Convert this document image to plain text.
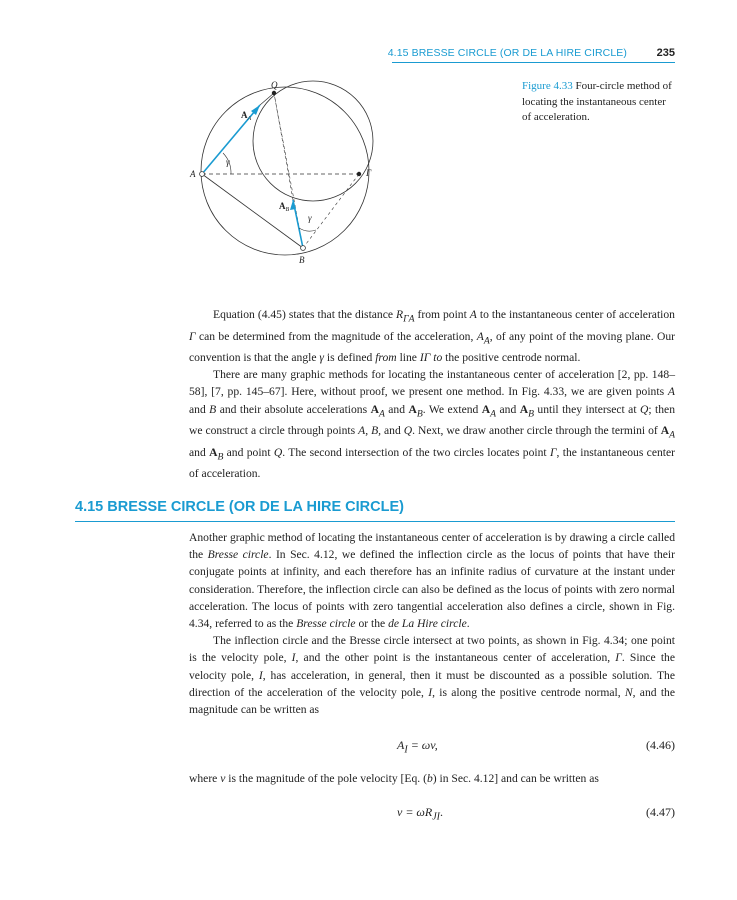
4.15 BRESSE CIRCLE (OR DE LA HIRE CIRCLE)	235
Q
A
B
Γ
$A_A$
$A_B$
γ
γ
Figure 4.33 Four-circle method of locating the instantaneous center of acceleration.

Equation (4.45) states that the distance $R_{\Gamma A}$ from point A to the instantaneous center of acceleration Γ can be determined from the magnitude of the acceleration, $A_A$, of any point of the moving plane. Our convention is that the angle γ is defined from line IΓ to the positive centrode normal.

There are many graphic methods for locating the instantaneous center of acceleration [2, pp. 148–58], [7, pp. 145–67]. Here, without proof, we present one method. In Fig. 4.33, we are given points A and B and their absolute accelerations $A_A$ and $A_B$. We extend $A_A$ and $A_B$ until they intersect at Q; then we construct a circle through points A, B, and Q. Next, we draw another circle through the termini of $A_A$ and $A_B$ and point Q. The second intersection of the two circles locates point Γ, the instantaneous center of acceleration.

4.15 BRESSE CIRCLE (OR DE LA HIRE CIRCLE)

Another graphic method of locating the instantaneous center of acceleration is by drawing a circle called the Bresse circle. In Sec. 4.12, we defined the inflection circle as the locus of points that have their conjugate points at infinity, and each therefore has an infinite radius of curvature at the instant under consideration. Therefore, the inflection circle can also be defined as the locus of points with zero normal acceleration. The locus of points with zero tangential acceleration also defines a circle, shown in Fig. 4.34, referred to as the Bresse circle or the de La Hire circle.

The inflection circle and the Bresse circle intersect at two points, as shown in Fig. 4.34; one point is the velocity pole, I, and the other point is the instantaneous center of acceleration, Γ. Since the velocity pole, I, has acceleration, in general, then it must be discounted as a possible solution. The direction of the acceleration of the velocity pole, I, is along the positive centrode normal, N, and the magnitude can be written as

$A_I = \omega v$,	(4.46)

where v is the magnitude of the pole velocity [Eq. (b) in Sec. 4.12] and can be written as

$v = \omega R_{JI}$.	(4.47)
